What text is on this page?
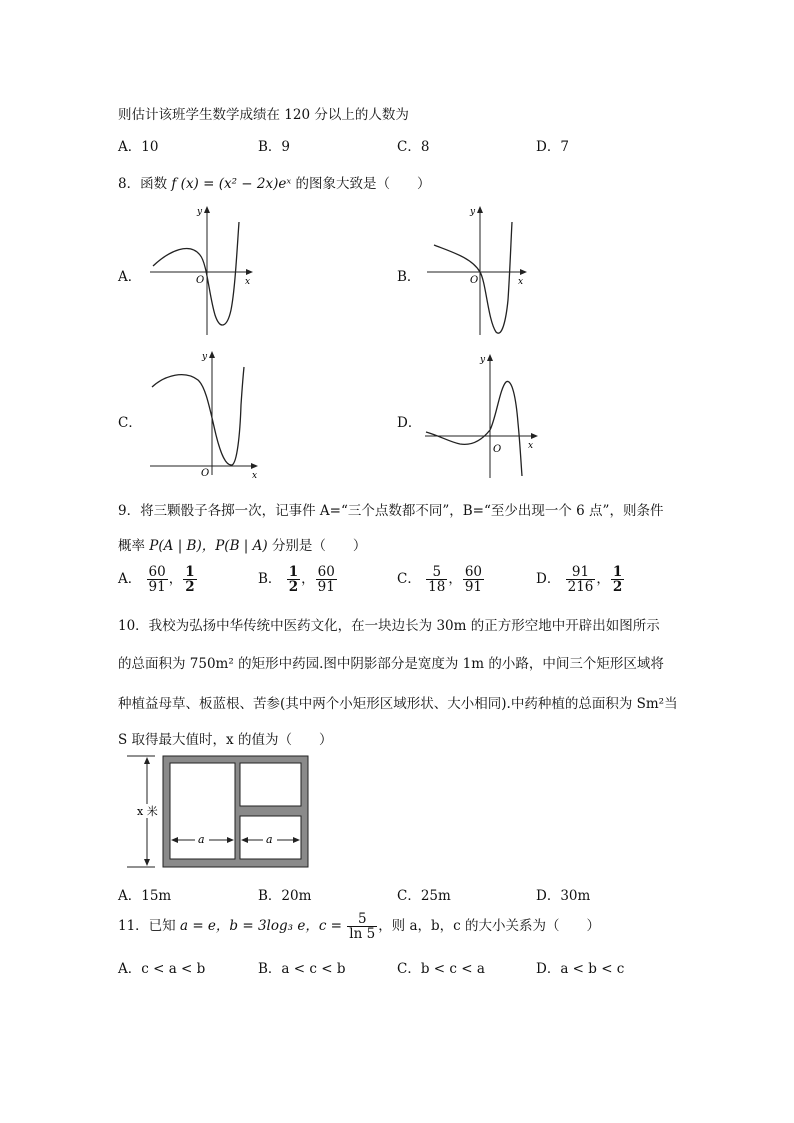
则估计该班学生数学成绩在 120 分以上的人数为
A．10	B．9	C．8	D．7
8．函数 f (x) = (x² − 2x)eˣ 的图象大致是（　　）
A．	B．
C．	D．
y
x
O
y
x
O
y
x
O
y
x
O
9．将三颗骰子各掷一次，记事件 A=“三个点数都不同”，B=“至少出现一个 6 点”，则条件
概率 P(A | B)，P(B | A) 分别是（　　）
A． $\frac{60}{91}$ ， $\frac{1}{2}$	B． $\frac{1}{2}$ ， $\frac{60}{91}$	C． $\frac{5}{18}$ ， $\frac{60}{91}$	D． $\frac{91}{216}$ ， $\frac{1}{2}$
10．我校为弘扬中华传统中医药文化，在一块边长为 30m 的正方形空地中开辟出如图所示
的总面积为 750m² 的矩形中药园.图中阴影部分是宽度为 1m 的小路，中间三个矩形区域将
种植益母草、板蓝根、苦参(其中两个小矩形区域形状、大小相同).中药种植的总面积为 Sm²当
S 取得最大值时，x 的值为（　　）
x 米
a	a
A．15m	B．20m	C．25m	D．30m
11．已知 a = e，b = 3log₃ e，$c = \frac{5}{\ln 5}$ ，则 a，b，c 的大小关系为（　　）
A．c < a < b	B．a < c < b	C．b < c < a	D．a < b < c
